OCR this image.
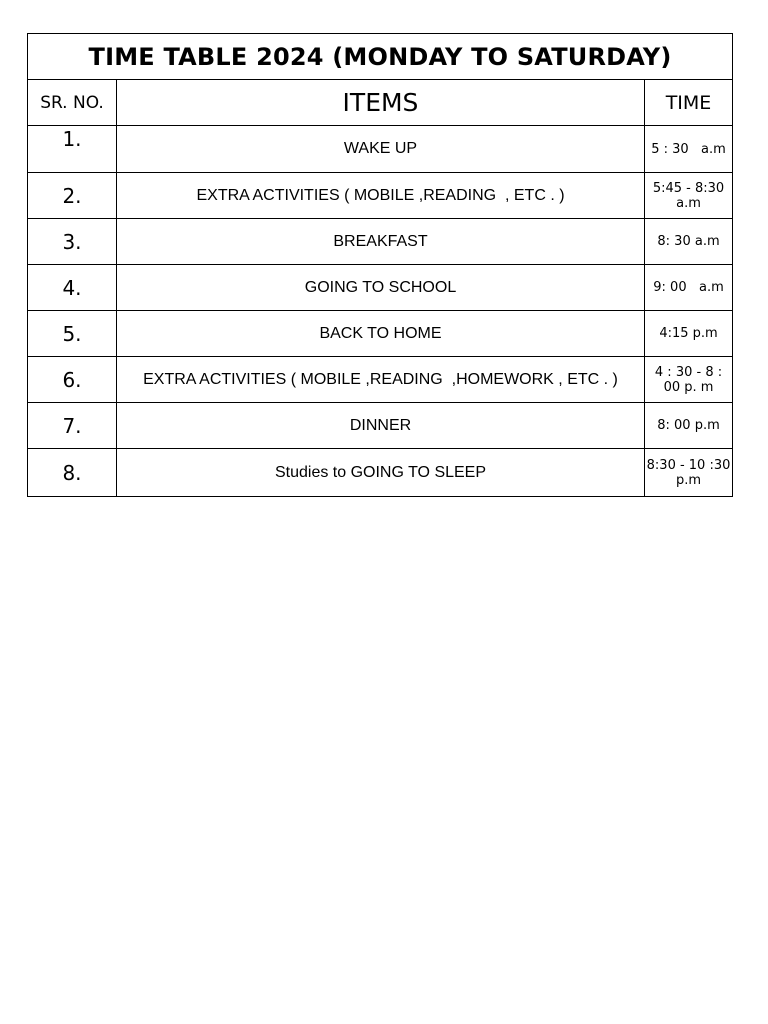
TIME TABLE 2024 (MONDAY TO SATURDAY)		
SR. NO.	ITEMS	TIME
1.	WAKE UP	5 : 30   a.m
2.	EXTRA ACTIVITIES ( MOBILE ,READING  , ETC . )	5:45 - 8:30 a.m
3.	BREAKFAST	8: 30 a.m
4.	GOING TO SCHOOL	9: 00   a.m
5.	BACK TO HOME	4:15 p.m
6.	EXTRA ACTIVITIES ( MOBILE ,READING  ,HOMEWORK , ETC . )	4 : 30 - 8 : 00 p. m
7.	DINNER	8: 00 p.m
8.	Studies to GOING TO SLEEP	8:30 - 10 :30 p.m
